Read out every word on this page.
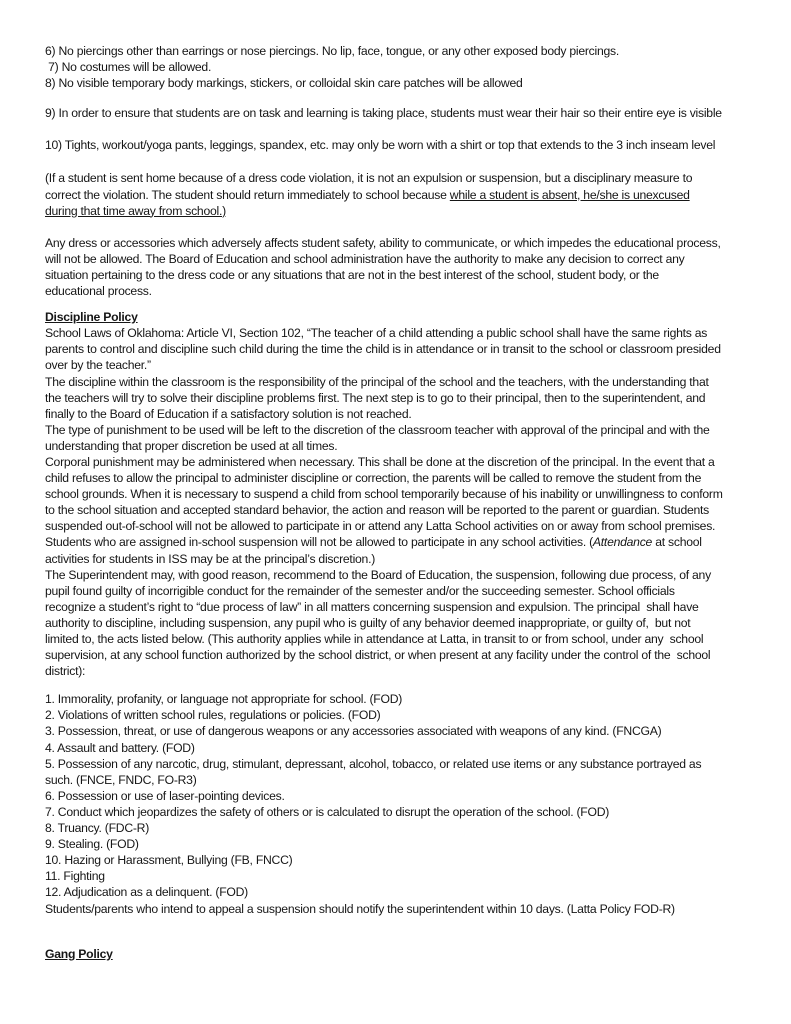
6) No piercings other than earrings or nose piercings. No lip, face, tongue, or any other exposed body piercings.
7) No costumes will be allowed.
8) No visible temporary body markings, stickers, or colloidal skin care patches will be allowed
9) In order to ensure that students are on task and learning is taking place, students must wear their hair so their entire eye is visible
10) Tights, workout/yoga pants, leggings, spandex, etc. may only be worn with a shirt or top that extends to the 3 inch inseam level
(If a student is sent home because of a dress code violation, it is not an expulsion or suspension, but a disciplinary measure to
correct the violation. The student should return immediately to school because while a student is absent, he/she is unexcused
during that time away from school.)
Any dress or accessories which adversely affects student safety, ability to communicate, or which impedes the educational process,
will not be allowed. The Board of Education and school administration have the authority to make any decision to correct any
situation pertaining to the dress code or any situations that are not in the best interest of the school, student body, or the
educational process.
Discipline Policy
School Laws of Oklahoma: Article VI, Section 102, “The teacher of a child attending a public school shall have the same rights as
parents to control and discipline such child during the time the child is in attendance or in transit to the school or classroom presided
over by the teacher.”
The discipline within the classroom is the responsibility of the principal of the school and the teachers, with the understanding that
the teachers will try to solve their discipline problems first. The next step is to go to their principal, then to the superintendent, and
finally to the Board of Education if a satisfactory solution is not reached.
The type of punishment to be used will be left to the discretion of the classroom teacher with approval of the principal and with the
understanding that proper discretion be used at all times.
Corporal punishment may be administered when necessary. This shall be done at the discretion of the principal. In the event that a
child refuses to allow the principal to administer discipline or correction, the parents will be called to remove the student from the
school grounds. When it is necessary to suspend a child from school temporarily because of his inability or unwillingness to conform
to the school situation and accepted standard behavior, the action and reason will be reported to the parent or guardian. Students
suspended out-of-school will not be allowed to participate in or attend any Latta School activities on or away from school premises.
Students who are assigned in-school suspension will not be allowed to participate in any school activities. (Attendance at school
activities for students in ISS may be at the principal’s discretion.)
The Superintendent may, with good reason, recommend to the Board of Education, the suspension, following due process, of any
pupil found guilty of incorrigible conduct for the remainder of the semester and/or the succeeding semester. School officials
recognize a student’s right to “due process of law” in all matters concerning suspension and expulsion. The principal  shall have
authority to discipline, including suspension, any pupil who is guilty of any behavior deemed inappropriate, or guilty of,  but not
limited to, the acts listed below. (This authority applies while in attendance at Latta, in transit to or from school, under any  school
supervision, at any school function authorized by the school district, or when present at any facility under the control of the  school
district):
1. Immorality, profanity, or language not appropriate for school. (FOD)
2. Violations of written school rules, regulations or policies. (FOD)
3. Possession, threat, or use of dangerous weapons or any accessories associated with weapons of any kind. (FNCGA)
4. Assault and battery. (FOD)
5. Possession of any narcotic, drug, stimulant, depressant, alcohol, tobacco, or related use items or any substance portrayed as
such. (FNCE, FNDC, FO-R3)
6. Possession or use of laser-pointing devices.
7. Conduct which jeopardizes the safety of others or is calculated to disrupt the operation of the school. (FOD)
8. Truancy. (FDC-R)
9. Stealing. (FOD)
10. Hazing or Harassment, Bullying (FB, FNCC)
11. Fighting
12. Adjudication as a delinquent. (FOD)
Students/parents who intend to appeal a suspension should notify the superintendent within 10 days. (Latta Policy FOD-R)
Gang Policy
